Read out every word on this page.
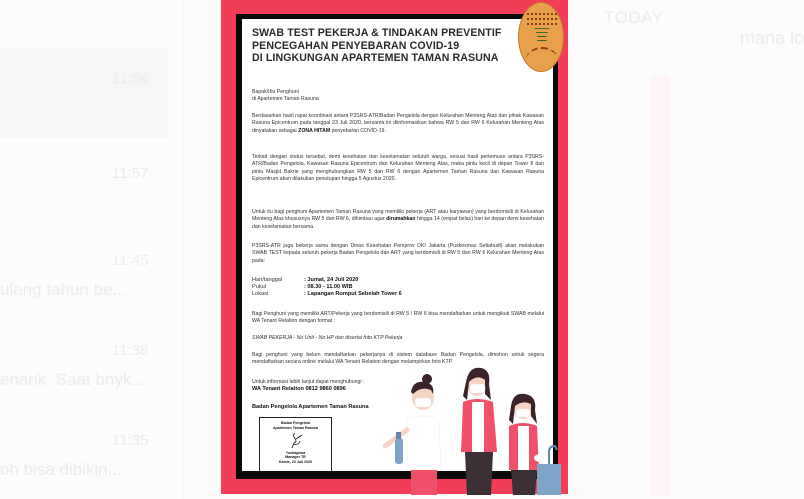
11:54
11:57
11:45
ulang tahun be...
11:38
enarik. Saat bnyk...
11:35
oh bisa dibikin...
TODAY
mana lo
SWAB TEST PEKERJA & TINDAKAN PREVENTIF
PENCEGAHAN PENYEBARAN COVID-19
DI LINGKUNGAN APARTEMEN TAMAN RASUNA
Bapak/Ibu Penghuni
di Apartemen Taman Rasuna
Berdasarkan hasil rapat koordinasi antara P3SRS-ATR/Badan Pengelola dengan Kelurahan Menteng Atas dan pihak Kawasan Rasuna Epicentrum pada tanggal 23 Juli 2020, bersama ini diinformasikan bahwa RW 5 dan RW 6 Kelurahan Menteng Atas dinyatakan sebagai ZONA HITAM penyebaran COVID-19.
Terkait dengan status tersebut, demi kesehatan dan keselamatan seluruh warga, sesuai hasil pertemuan antara P3SRS-ATR/Badan Pengelola, Kawasan Rasuna Epicentrum dan Kelurahan Menteng Atas, maka pintu kecil di depan Tower 8 dan pintu Masjid Bakrie yang menghubungkan RW 5 dan RW 6 dengan Apartemen Taman Rasuna dan Kawasan Rasuna Epicentrum akan dilakukan penutupan hingga 5 Agustus 2020.
Untuk itu bagi penghuni Apartemen Taman Rasuna yang memiliki pekerja (ART atau karyawan) yang berdomisili di Kelurahan Menteng Atas khususnya RW 5 dan RW 6, dihimbau agar dirumahkan hingga 14 (empat belas) hari ke depan demi kesehatan dan keselamatan bersama.
P3SRS-ATR juga bekerja sama dengan Dinas Kesehatan Pemprov DKI Jakarta (Puskesmas Setiabudi) akan melakukan SWAB TEST kepada seluruh pekerja Badan Pengelola dan ART yang berdomisili di RW 5 dan RW 6 Kelurahan Menteng Atas pada:
Hari/tanggal	: Jumat, 24 Juli 2020
Pukul	: 08.30 - 11.00 WIB
Lokasi	: Lapangan Rumput Sebelah Tower 6
Bagi Penghuni yang memiliki ART/Pekerja yang berdomisili di RW 5 / RW 6 bisa mendaftarkan untuk mengikuti SWAB melalui WA Tenant Relation dengan format :
SWAB PEKERJA - No Unit - No HP dan disertai foto KTP Pekerja
Bagi penghuni yang belum mendaftarkan pekerjanya di sistem database Badan Pengelola, dimohon untuk segera mendaftarkan secara online melalui WA Tenant Relation dengan melampirkan foto KTP.
Untuk informasi lebih lanjut dapat menghubungi :
WA Tenant Relation 0812 9860 0896
Badan Pengelola Apartemen Taman Rasuna
Badan Pengelola
Apartemen Taman Rasuna
Yunitaprma
Manager TR
Kamis, 23 Juli 2020
▬▬▬▬▬
▬▬▬▬
▬▬▬
▬▬▬
